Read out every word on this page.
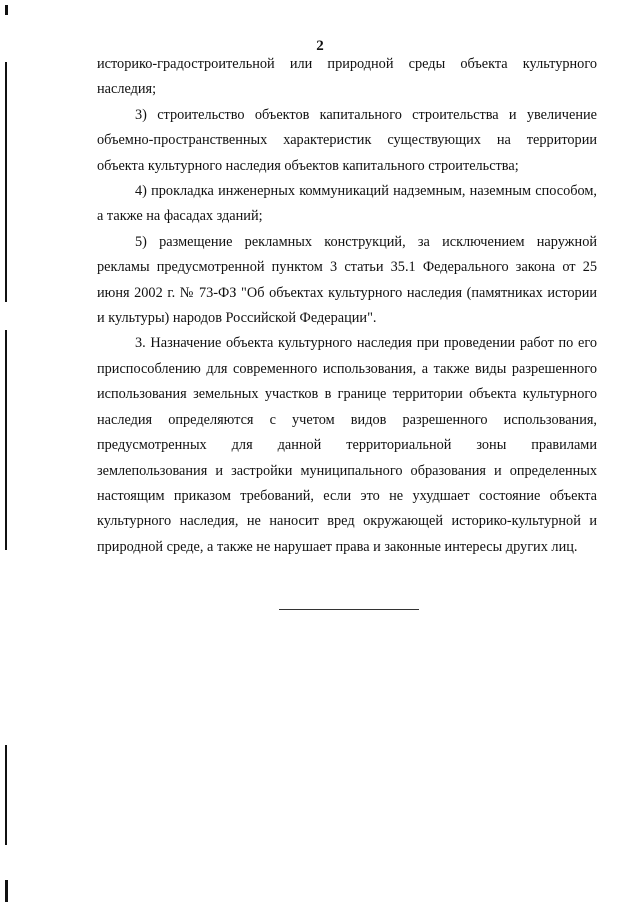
2

историко-градостроительной или природной среды объекта культурного наследия;

3) строительство объектов капитального строительства и увеличение объемно-пространственных характеристик существующих на территории объекта культурного наследия объектов капитального строительства;

4) прокладка инженерных коммуникаций надземным, наземным способом, а также на фасадах зданий;

5) размещение рекламных конструкций, за исключением наружной рекламы предусмотренной пунктом 3 статьи 35.1 Федерального закона от 25 июня 2002 г. № 73-ФЗ "Об объектах культурного наследия (памятниках истории и культуры) народов Российской Федерации".

3. Назначение объекта культурного наследия при проведении работ по его приспособлению для современного использования, а также виды разрешенного использования земельных участков в границе территории объекта культурного наследия определяются с учетом видов разрешенного использования, предусмотренных для данной территориальной зоны правилами землепользования и застройки муниципального образования и определенных настоящим приказом требований, если это не ухудшает состояние объекта культурного наследия, не наносит вред окружающей историко-культурной и природной среде, а также не нарушает права и законные интересы других лиц.
